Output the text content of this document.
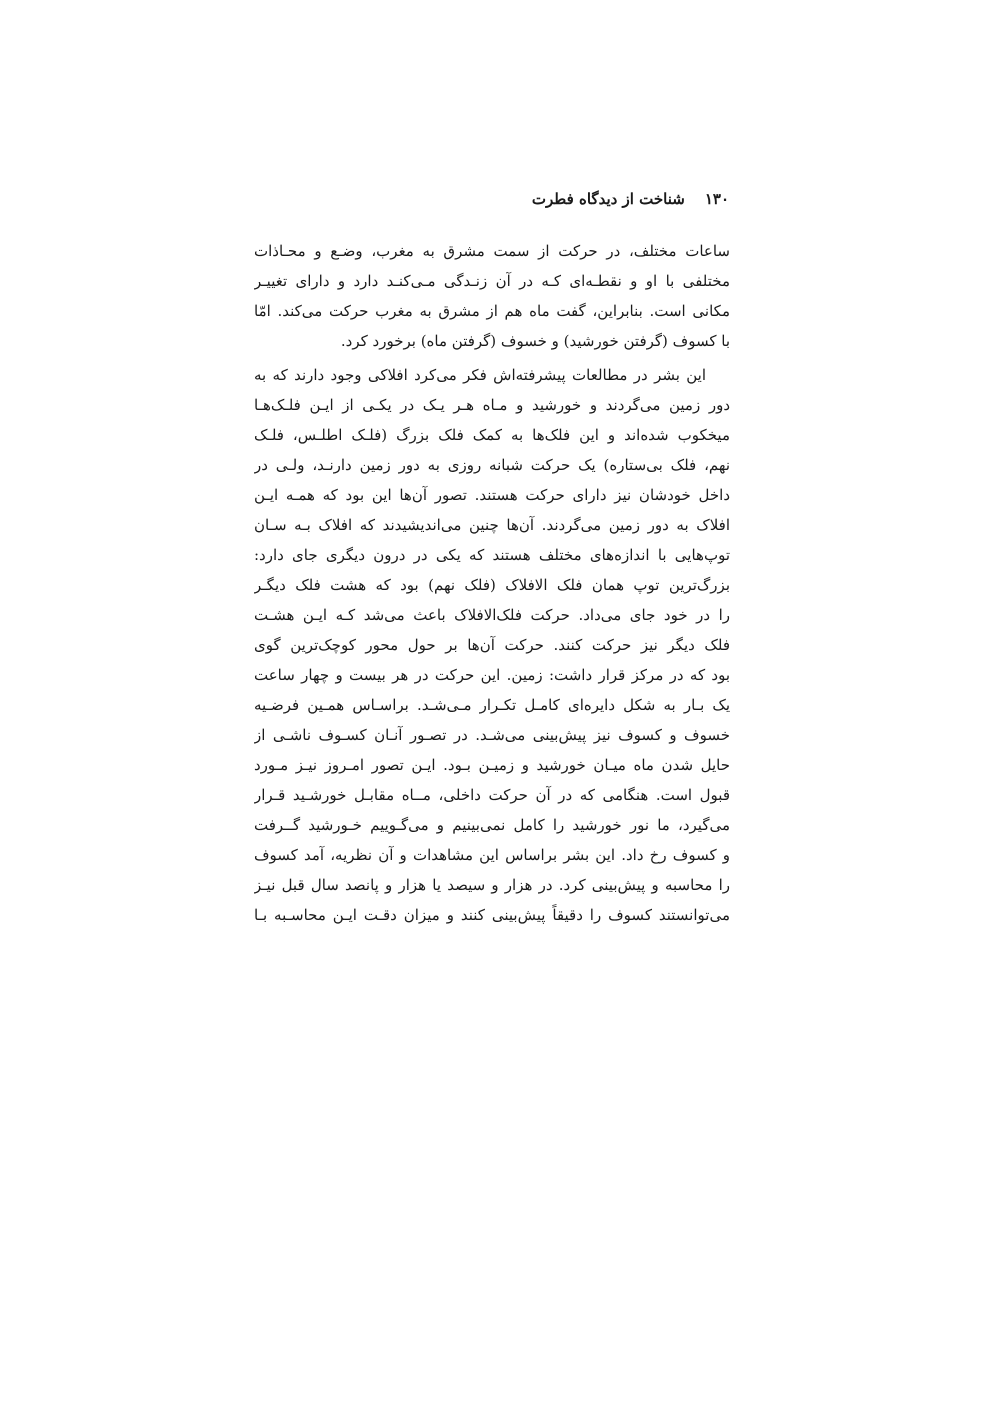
۱۳۰
شناخت از دیدگاه فطرت
ساعات مختلف، در حرکت از سمت مشرق به مغرب، وضـع و محـاذات
مختلفی با او و نقطـه‌ای کـه در آن زنـدگی مـی‌کنـد دارد و دارای تغییـر
مکانی است. بنابراین، گفت ماه هم از مشرق به مغرب حرکت می‌کند. امّا
با کسوف (گرفتن خورشید) و خسوف (گرفتن ماه) برخورد کرد.
این بشر در مطالعات پیشرفته‌اش فکر می‌کرد افلاکی وجود دارند که به
دور زمین می‌گردند و خورشید و مـاه هـر یـک در یکـی از ایـن فلـک‌هـا
میخکوب شده‌اند و این فلک‌ها به کمک فلک بزرگ (فلـک اطلـس، فلـک
نهم، فلک بی‌ستاره) یک حرکت شبانه روزی به دور زمین دارنـد، ولـی در
داخل خودشان نیز دارای حرکت هستند. تصور آن‌ها این بود که همـه ایـن
افلاک به دور زمین می‌گردند. آن‌ها چنین می‌اندیشیدند که افلاک بـه سـان
توپ‌هایی با اندازه‌های مختلف هستند که یکی در درون دیگری جای دارد:
بزرگ‌ترین توپ همان فلک الافلاک (فلک نهم) بود که هشت فلک دیگـر
را در خود جای می‌داد. حرکت فلک‌الافلاک باعث می‌شد کـه ایـن هشـت
فلک دیگر نیز حرکت کنند. حرکت آن‌ها بر حول محور کوچک‌ترین گوی
بود که در مرکز قرار داشت: زمین. این حرکت در هر بیست و چهار ساعت
یک بـار به شکل دایره‌ای کامـل تکـرار مـی‌شـد. براسـاس همـین فرضـیه
خسوف و کسوف نیز پیش‌بینی می‌شـد. در تصـور آنـان کسـوف ناشـی از
حایل شدن ماه میـان خورشید و زمیـن بـود. ایـن تصور امـروز نیـز مـورد
قبول است. هنگامی که در آن حرکت داخلی، مــاه مقابـل خورشـید قـرار
می‌گیرد، ما نور خورشید را کامل نمی‌بینیم و می‌گـوییم خـورشید گــرفت
و کسوف رخ داد. این بشر براساس این مشاهدات و آن نظریه، آمد کسوف
را محاسبه و پیش‌بینی کرد. در هزار و سیصد یا هزار و پانصد سال قبل نیـز
می‌توانستند کسوف را دقیقاً پیش‌بینی کنند و میزان دقـت ایـن محاسـبه بـا
